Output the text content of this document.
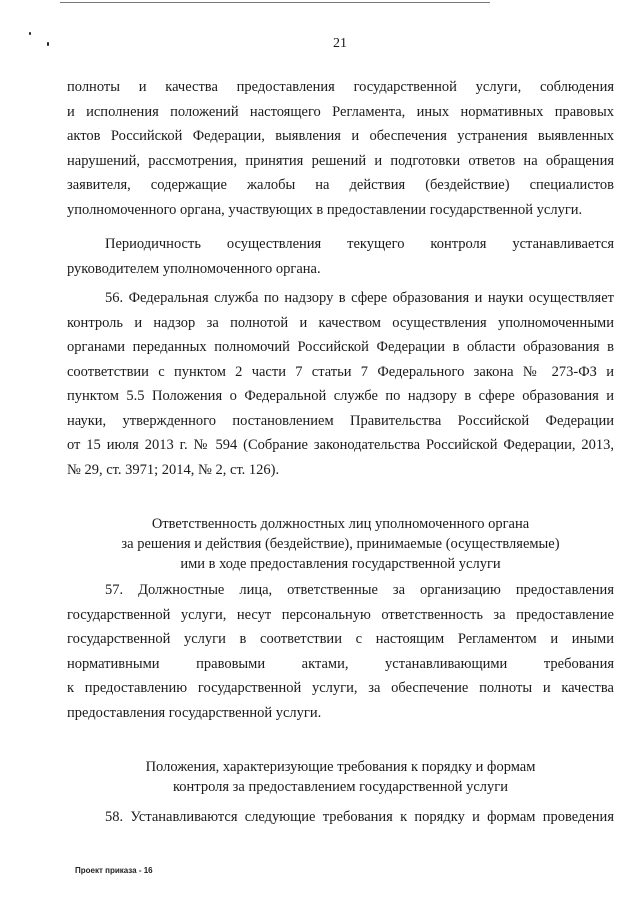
21
полноты и качества предоставления государственной услуги, соблюдения
и исполнения положений настоящего Регламента, иных нормативных правовых
актов Российской Федерации, выявления и обеспечения устранения выявленных
нарушений, рассмотрения, принятия решений и подготовки ответов на обращения
заявителя, содержащие жалобы на действия (бездействие) специалистов
уполномоченного органа, участвующих в предоставлении государственной услуги.
Периодичность осуществления текущего контроля устанавливается
руководителем уполномоченного органа.
56. Федеральная служба по надзору в сфере образования и науки осуществляет
контроль и надзор за полнотой и качеством осуществления уполномоченными
органами переданных полномочий Российской Федерации в области образования в
соответствии с пунктом 2 части 7 статьи 7 Федерального закона № 273-ФЗ и
пунктом 5.5 Положения о Федеральной службе по надзору в сфере образования и
науки, утвержденного постановлением Правительства Российской Федерации
от 15 июля 2013 г. № 594 (Собрание законодательства Российской Федерации, 2013,
№ 29, ст. 3971; 2014, № 2, ст. 126).
Ответственность должностных лиц уполномоченного органа
за решения и действия (бездействие), принимаемые (осуществляемые)
ими в ходе предоставления государственной услуги
57. Должностные лица, ответственные за организацию предоставления
государственной услуги, несут персональную ответственность за предоставление
государственной услуги в соответствии с настоящим Регламентом и иными
нормативными правовыми актами, устанавливающими требования
к предоставлению государственной услуги, за обеспечение полноты и качества
предоставления государственной услуги.
Положения, характеризующие требования к порядку и формам
контроля за предоставлением государственной услуги
58. Устанавливаются следующие требования к порядку и формам проведения
Проект приказа - 16
